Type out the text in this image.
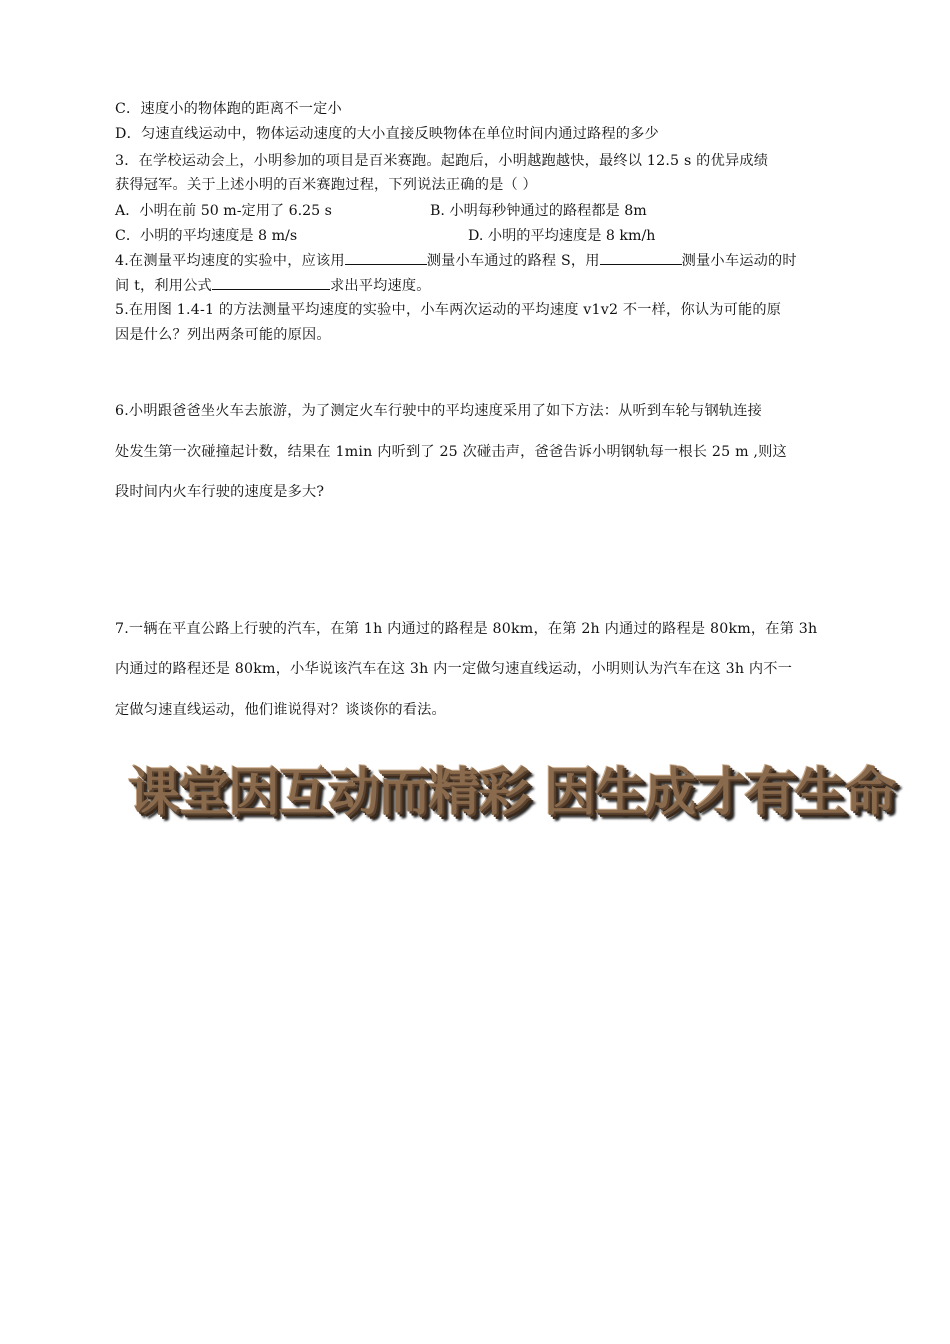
C．速度小的物体跑的距离不一定小
D．匀速直线运动中，物体运动速度的大小直接反映物体在单位时间内通过路程的多少
3．在学校运动会上，小明参加的项目是百米赛跑。起跑后，小明越跑越快，最终以 12.5 s 的优异成绩
获得冠军。关于上述小明的百米赛跑过程，下列说法正确的是（ ）
A．小明在前 50 m-定用了 6.25 s	B. 小明每秒钟通过的路程都是 8m
C．小明的平均速度是 8 m/s	D. 小明的平均速度是 8 km/h
4.在测量平均速度的实验中，应该用	测量小车通过的路程 S，用	测量小车运动的时
间 t，利用公式	求出平均速度。
5.在用图 1.4-1 的方法测量平均速度的实验中，小车两次运动的平均速度 v1v2 不一样，你认为可能的原
因是什么？列出两条可能的原因。
6.小明跟爸爸坐火车去旅游，为了测定火车行驶中的平均速度采用了如下方法：从听到车轮与钢轨连接
处发生第一次碰撞起计数，结果在 1min 内听到了 25 次碰击声，爸爸告诉小明钢轨每一根长 25 m ,则这
段时间内火车行驶的速度是多大?
7.一辆在平直公路上行驶的汽车，在第 1h 内通过的路程是 80km，在第 2h 内通过的路程是 80km，在第 3h
内通过的路程还是 80km，小华说该汽车在这 3h 内一定做匀速直线运动，小明则认为汽车在这 3h 内不一
定做匀速直线运动，他们谁说得对？谈谈你的看法。
课堂因互动而精彩 因生成才有生命
